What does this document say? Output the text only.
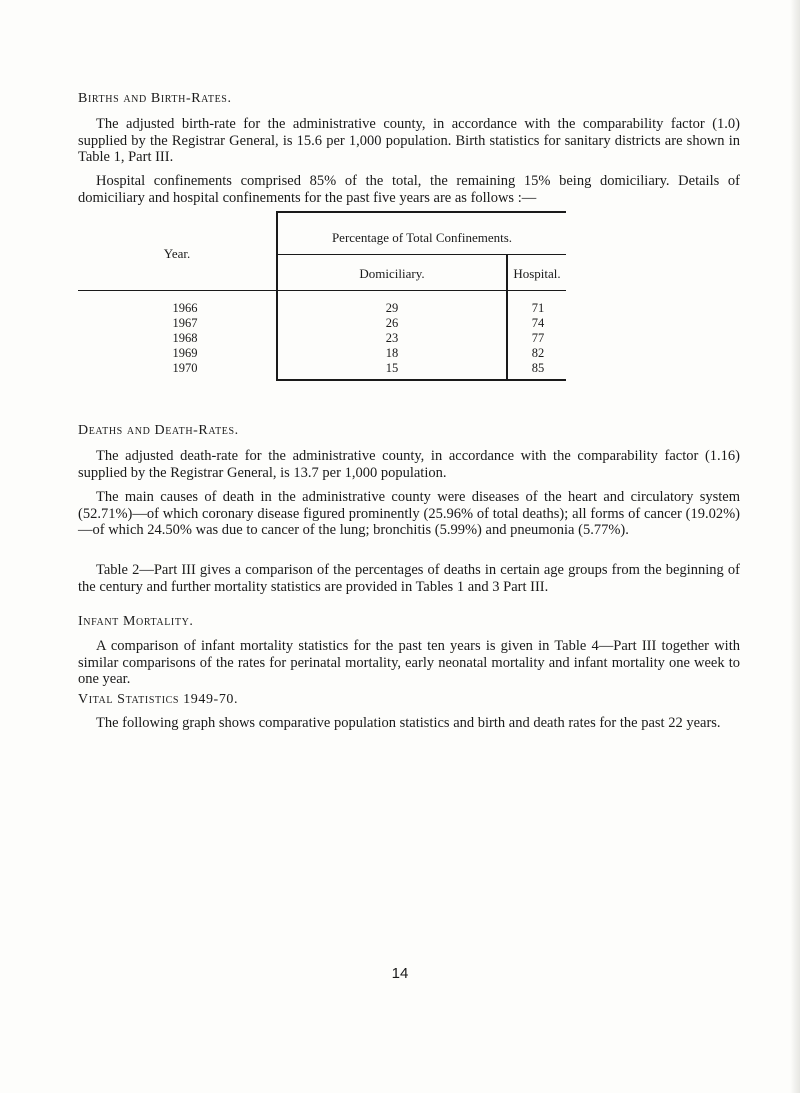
Births and Birth-Rates.

The adjusted birth-rate for the administrative county, in accordance with the comparability factor (1.0) supplied by the Registrar General, is 15.6 per 1,000 population. Birth statistics for sanitary districts are shown in Table 1, Part III.

Hospital confinements comprised 85% of the total, the remaining 15% being domiciliary. Details of domiciliary and hospital confinements for the past five years are as follows :—

Year.
Percentage of Total Confinements.
Domiciliary.	Hospital.
1966	29	71
1967	26	74
1968	23	77
1969	18	82
1970	15	85
Deaths and Death-Rates.

The adjusted death-rate for the administrative county, in accordance with the comparability factor (1.16) supplied by the Registrar General, is 13.7 per 1,000 population.

The main causes of death in the administrative county were diseases of the heart and circulatory system (52.71%)—of which coronary disease figured prominently (25.96% of total deaths); all forms of cancer (19.02%)—of which 24.50% was due to cancer of the lung; bronchitis (5.99%) and pneumonia (5.77%).

Table 2—Part III gives a comparison of the percentages of deaths in certain age groups from the beginning of the century and further mortality statistics are provided in Tables 1 and 3 Part III.

Infant Mortality.

A comparison of infant mortality statistics for the past ten years is given in Table 4—Part III together with similar comparisons of the rates for perinatal mortality, early neonatal mortality and infant mortality one week to one year.

Vital Statistics 1949-70.

The following graph shows comparative population statistics and birth and death rates for the past 22 years.

14
